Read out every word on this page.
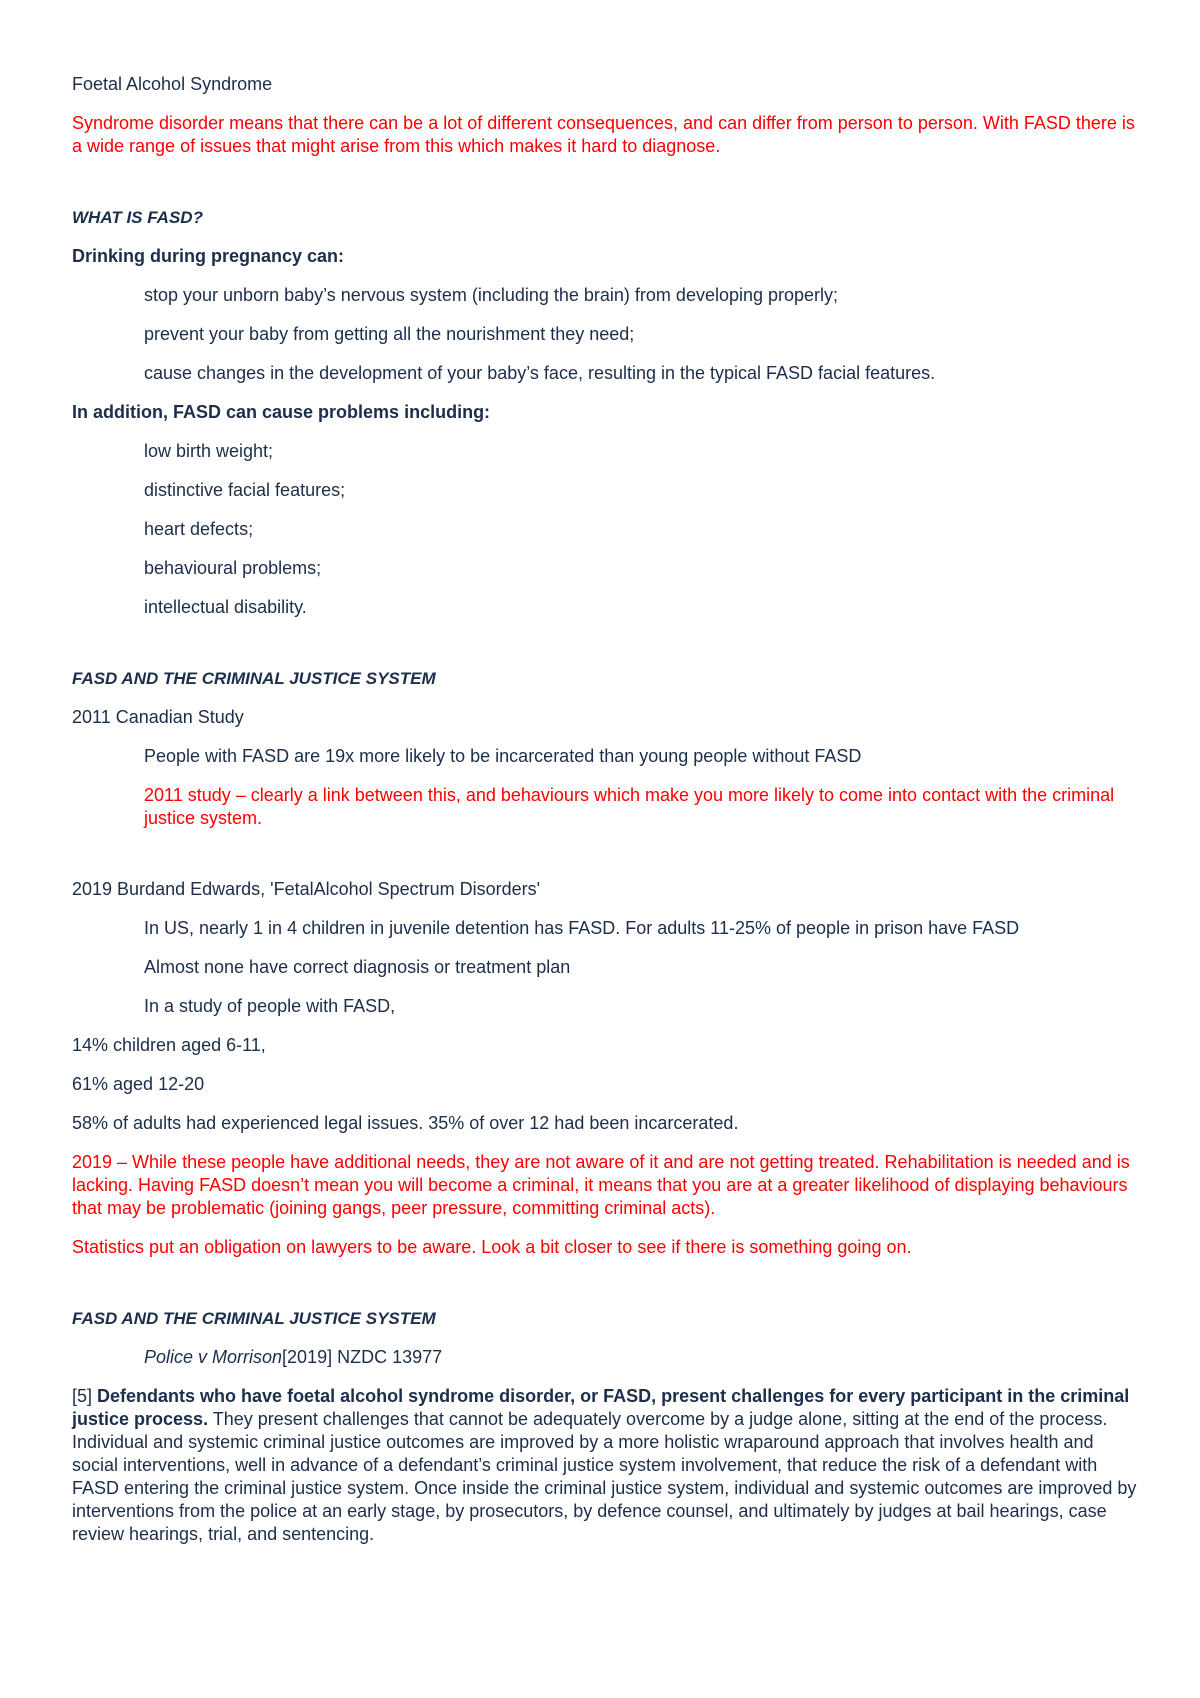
Foetal Alcohol Syndrome

Syndrome disorder means that there can be a lot of different consequences, and can differ from person to person. With FASD there is a wide range of issues that might arise from this which makes it hard to diagnose.

WHAT IS FASD?

Drinking during pregnancy can:

stop your unborn baby’s nervous system (including the brain) from developing properly;

prevent your baby from getting all the nourishment they need;

cause changes in the development of your baby’s face, resulting in the typical FASD facial features.

In addition, FASD can cause problems including:

low birth weight;

distinctive facial features;

heart defects;

behavioural problems;

intellectual disability.

FASD AND THE CRIMINAL JUSTICE SYSTEM

2011 Canadian Study

People with FASD are 19x more likely to be incarcerated than young people without FASD

2011 study – clearly a link between this, and behaviours which make you more likely to come into contact with the criminal justice system.

2019 Burdand Edwards, 'FetalAlcohol Spectrum Disorders'

In US, nearly 1 in 4 children in juvenile detention has FASD. For adults 11-25% of people in prison have FASD

Almost none have correct diagnosis or treatment plan

In a study of people with FASD,

14% children aged 6-11,

61% aged 12-20

58% of adults had experienced legal issues. 35% of over 12 had been incarcerated.

2019 – While these people have additional needs, they are not aware of it and are not getting treated. Rehabilitation is needed and is lacking. Having FASD doesn’t mean you will become a criminal, it means that you are at a greater likelihood of displaying behaviours that may be problematic (joining gangs, peer pressure, committing criminal acts).

Statistics put an obligation on lawyers to be aware. Look a bit closer to see if there is something going on.

FASD AND THE CRIMINAL JUSTICE SYSTEM

Police v Morrison[2019] NZDC 13977

[5] Defendants who have foetal alcohol syndrome disorder, or FASD, present challenges for every participant in the criminal justice process. They present challenges that cannot be adequately overcome by a judge alone, sitting at the end of the process. Individual and systemic criminal justice outcomes are improved by a more holistic wraparound approach that involves health and social interventions, well in advance of a defendant’s criminal justice system involvement, that reduce the risk of a defendant with FASD entering the criminal justice system. Once inside the criminal justice system, individual and systemic outcomes are improved by interventions from the police at an early stage, by prosecutors, by defence counsel, and ultimately by judges at bail hearings, case review hearings, trial, and sentencing.
